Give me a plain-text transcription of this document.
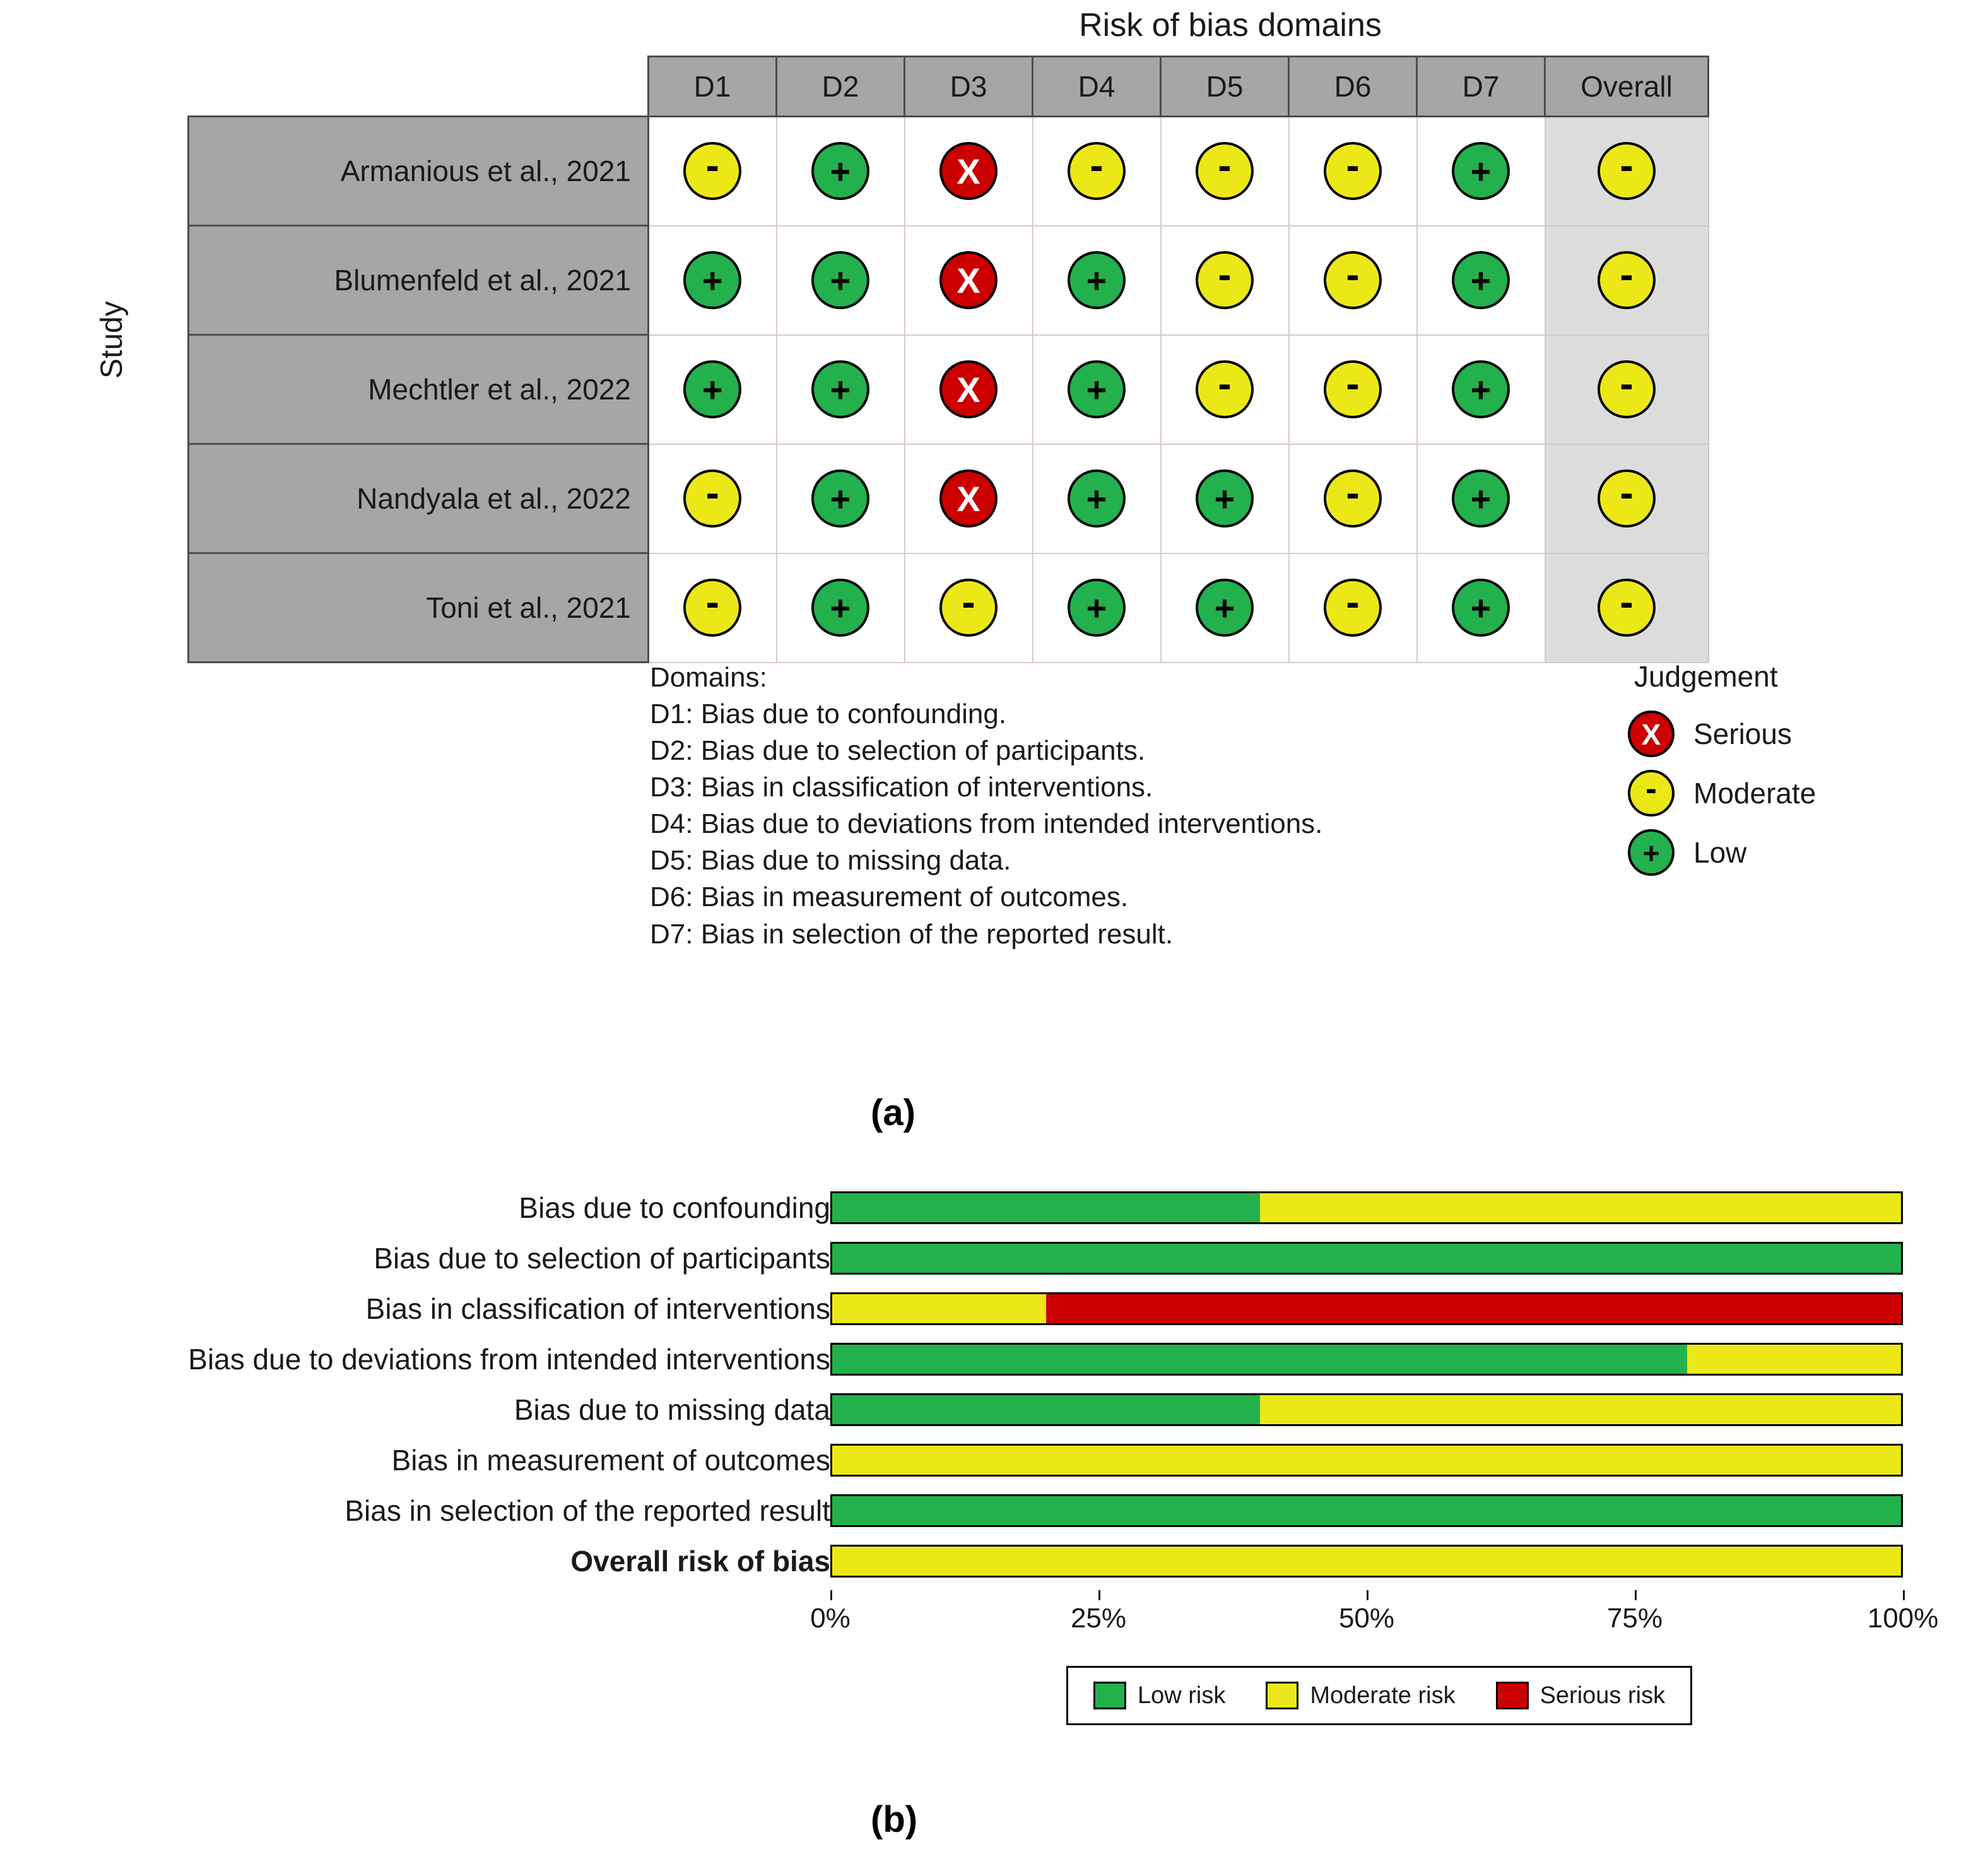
Risk of bias domains
Study
	D1	D2	D3	D4	D5	D6	D7	Overall
Armanious et al., 2021	-	+	X	-	-	-	+	-
Blumenfeld et al., 2021	+	+	X	+	-	-	+	-
Mechtler et al., 2022	+	+	X	+	-	-	+	-
Nandyala et al., 2022	-	+	X	+	+	-	+	-
Toni et al., 2021	-	+	-	+	+	-	+	-
Domains:
D1: Bias due to confounding.
D2: Bias due to selection of participants.
D3: Bias in classification of interventions.
D4: Bias due to deviations from intended interventions.
D5: Bias due to missing data.
D6: Bias in measurement of outcomes.
D7: Bias in selection of the reported result.
Judgement
X	Serious
-	Moderate
+	Low
(a)
Bias due to confounding
Bias due to selection of participants
Bias in classification of interventions
Bias due to deviations from intended interventions
Bias due to missing data
Bias in measurement of outcomes
Bias in selection of the reported result
Overall risk of bias
0%	25%	50%	75%	100%
Low risk	Moderate risk	Serious risk
(b)
